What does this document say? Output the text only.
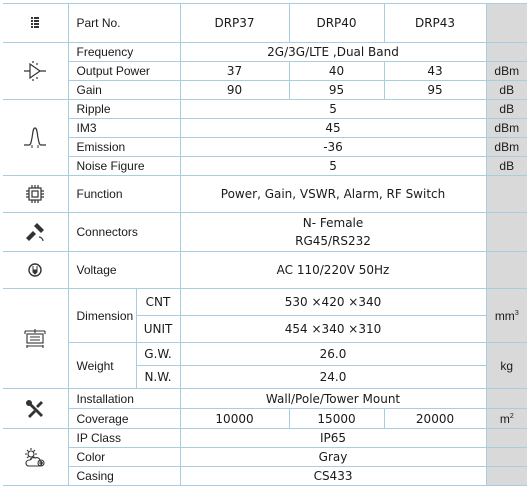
	Part No.		DRP37	DRP40	DRP43	

	Frequency		2G/3G/LTE ,Dual Band			
	Output Power		37	40	43	dBm
	Gain		90	95	95	dB

	Ripple		5			dB
	IM3		45			dBm
	Emission		-36			dBm
	Noise Figure		5			dB

	Function		Power, Gain, VSWR, Alarm, RF Switch			

	Connectors		N- Female
RG45/RS232			

	Voltage		AC 110/220V 50Hz			

	Dimension	CNT	530 ×420 ×340			$mm^3$
		UNIT	454 ×340 ×310			
	Weight	G.W.	26.0			kg
		N.W.	24.0			

	Installation		Wall/Pole/Tower Mount			
	Coverage		10000	15000	20000	$m^2$

	IP Class		IP65			
	Color		Gray			
	Casing		CS433			
